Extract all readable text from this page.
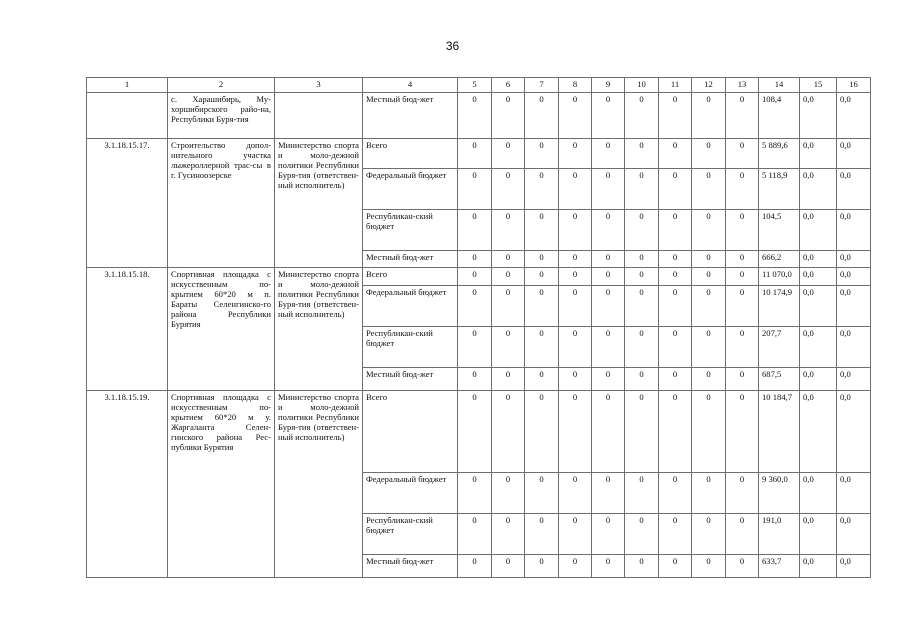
36
1	2	3	4	5	6	7	8	9	10	11	12	13	14	15	16
	с. Харашибирь, Му-хоршибирского райо-на, Республики Буря-тия		Местный бюд-жет	0	0	0	0	0	0	0	0	0	108,4	0,0	0,0
3.1.18.15.17.	Строительство допол-нительного участка лыжероллерной трас-сы в г. Гусиноозерске	Министерство спорта и моло-дежной политики Республики Буря-тия (ответствен-ный исполнитель)	Всего	0	0	0	0	0	0	0	0	0	5 889,6	0,0	0,0
			Федеральный бюджет	0	0	0	0	0	0	0	0	0	5 118,9	0,0	0,0
			Республикан-ский бюджет	0	0	0	0	0	0	0	0	0	104,5	0,0	0,0
			Местный бюд-жет	0	0	0	0	0	0	0	0	0	666,2	0,0	0,0
3.1.18.15.18.	Спортивная площадка с искусственным по-крытием 60*20 м п. Бараты Селенгинско-го района Республики Бурятия	Министерство спорта и моло-дежной политики Республики Буря-тия (ответствен-ный исполнитель)	Всего	0	0	0	0	0	0	0	0	0	11 070,0	0,0	0,0
			Федеральный бюджет	0	0	0	0	0	0	0	0	0	10 174,9	0,0	0,0
			Республикан-ский бюджет	0	0	0	0	0	0	0	0	0	207,7	0,0	0,0
			Местный бюд-жет	0	0	0	0	0	0	0	0	0	687,5	0,0	0,0
3.1.18.15.19.	Спортивная площадка с искусственным по-крытием 60*20 м у. Жаргаланта Селен-гинского района Рес-публики Бурятия	Министерство спорта и моло-дежной политики Республики Буря-тия (ответствен-ный исполнитель)	Всего	0	0	0	0	0	0	0	0	0	10 184,7	0,0	0,0
			Федеральный бюджет	0	0	0	0	0	0	0	0	0	9 360,0	0,0	0,0
			Республикан-ский бюджет	0	0	0	0	0	0	0	0	0	191,0	0,0	0,0
			Местный бюд-жет	0	0	0	0	0	0	0	0	0	633,7	0,0	0,0
